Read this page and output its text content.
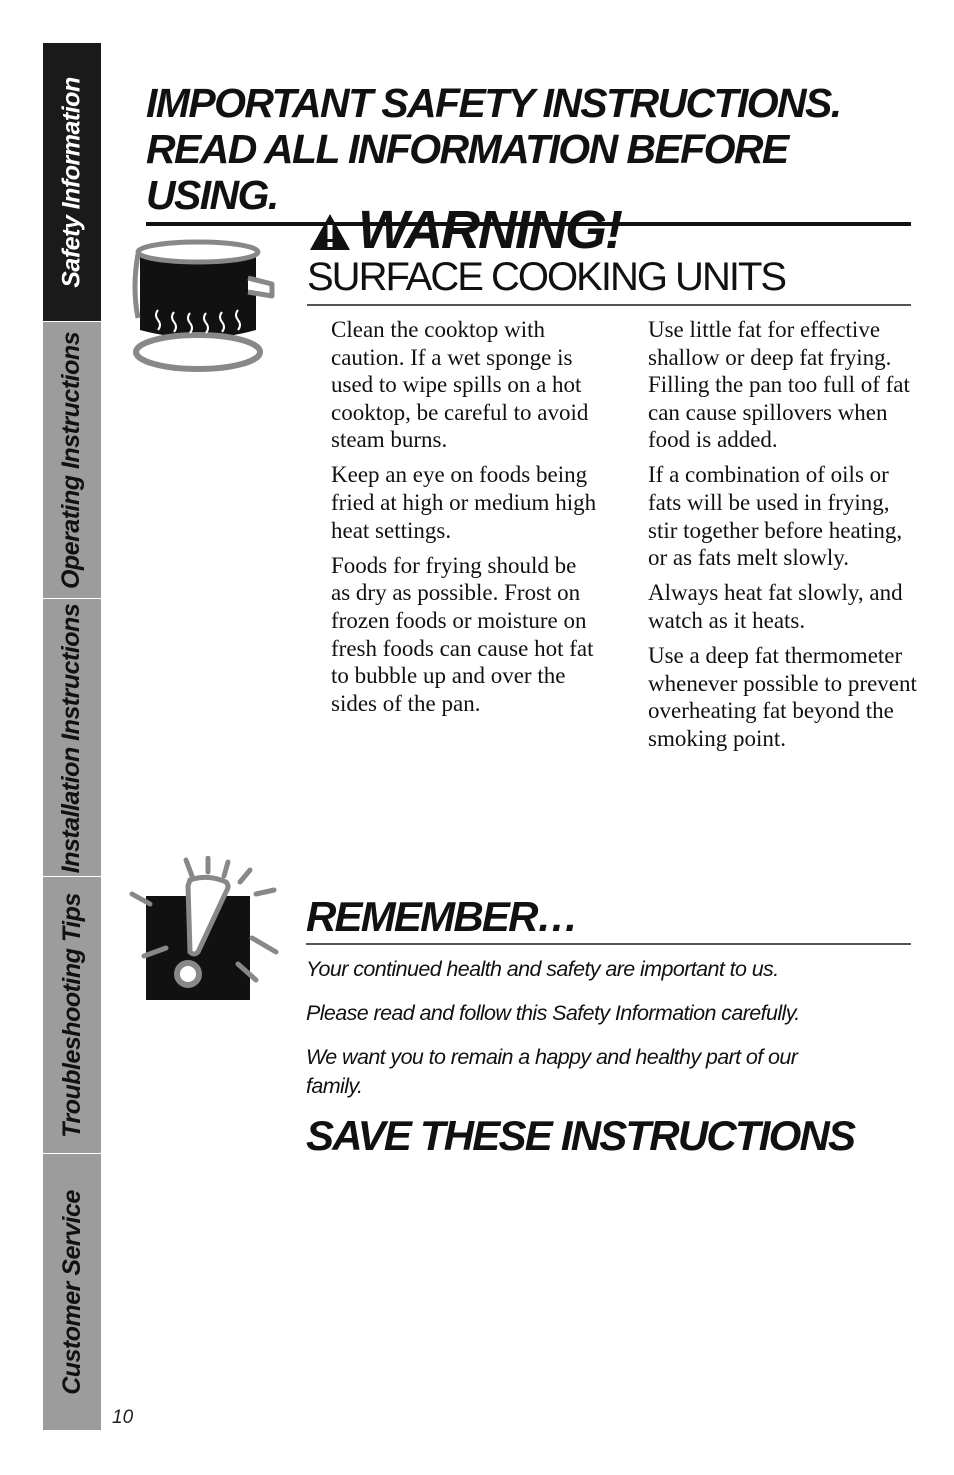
Safety Information
Operating Instructions
Installation Instructions
Troubleshooting Tips
Customer Service
IMPORTANT SAFETY INSTRUCTIONS.
READ ALL INFORMATION BEFORE USING.
WARNING!
SURFACE COOKING UNITS

Clean the cooktop with caution. If a wet sponge is used to wipe spills on a hot cooktop, be careful to avoid steam burns.

Keep an eye on foods being fried at high or medium high heat settings.

Foods for frying should be as dry as possible. Frost on frozen foods or moisture on fresh foods can cause hot fat to bubble up and over the sides of the pan.

Use little fat for effective shallow or deep fat frying. Filling the pan too full of fat can cause spillovers when food is added.

If a combination of oils or fats will be used in frying, stir together before heating, or as fats melt slowly.

Always heat fat slowly, and watch as it heats.

Use a deep fat thermometer whenever possible to prevent overheating fat beyond the smoking point.

REMEMBER…

Your continued health and safety are important to us.

Please read and follow this Safety Information carefully.

We want you to remain a happy and healthy part of our family.

SAVE THESE INSTRUCTIONS
10
